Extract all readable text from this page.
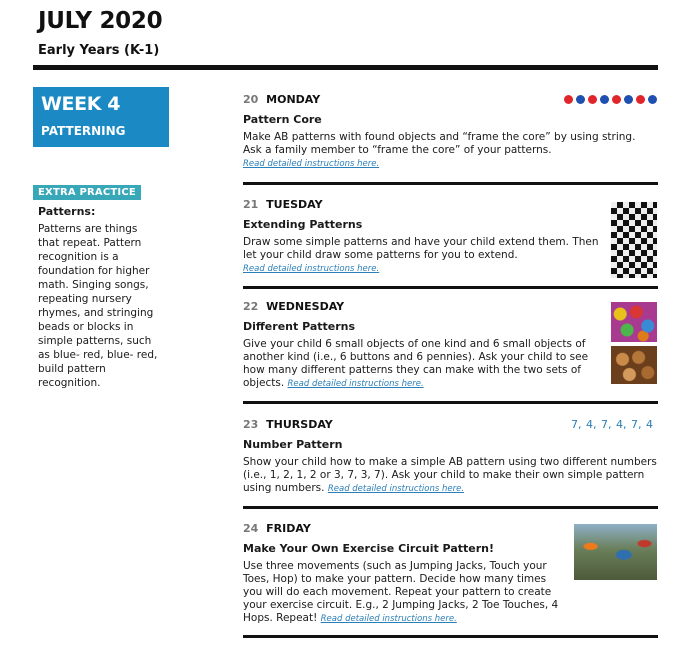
JULY 2020
Early Years (K-1)
WEEK 4
PATTERNING
EXTRA PRACTICE
Patterns:
Patterns are things that repeat. Pattern recognition is a foundation for higher math. Singing songs, repeating nursery rhymes, and stringing beads or blocks in simple patterns, such as blue- red, blue- red, build pattern recognition.
20 MONDAY
Pattern Core
Make AB patterns with found objects and “frame the core” by using string. Ask a family member to “frame the core” of your patterns.
Read detailed instructions here.
21 TUESDAY
Extending Patterns
Draw some simple patterns and have your child extend them. Then let your child draw some patterns for you to extend.
Read detailed instructions here.
22 WEDNESDAY
Different Patterns
Give your child 6 small objects of one kind and 6 small objects of another kind (i.e., 6 buttons and 6 pennies). Ask your child to see how many different patterns they can make with the two sets of objects. Read detailed instructions here.
7, 4, 7, 4, 7, 4
23 THURSDAY
Number Pattern
Show your child how to make a simple AB pattern using two different numbers (i.e., 1, 2, 1, 2 or 3, 7, 3, 7). Ask your child to make their own simple pattern using numbers. Read detailed instructions here.
24 FRIDAY
Make Your Own Exercise Circuit Pattern!
Use three movements (such as Jumping Jacks, Touch your Toes, Hop) to make your pattern. Decide how many times you will do each movement. Repeat your pattern to create your exercise circuit. E.g., 2 Jumping Jacks, 2 Toe Touches, 4 Hops. Repeat! Read detailed instructions here.
